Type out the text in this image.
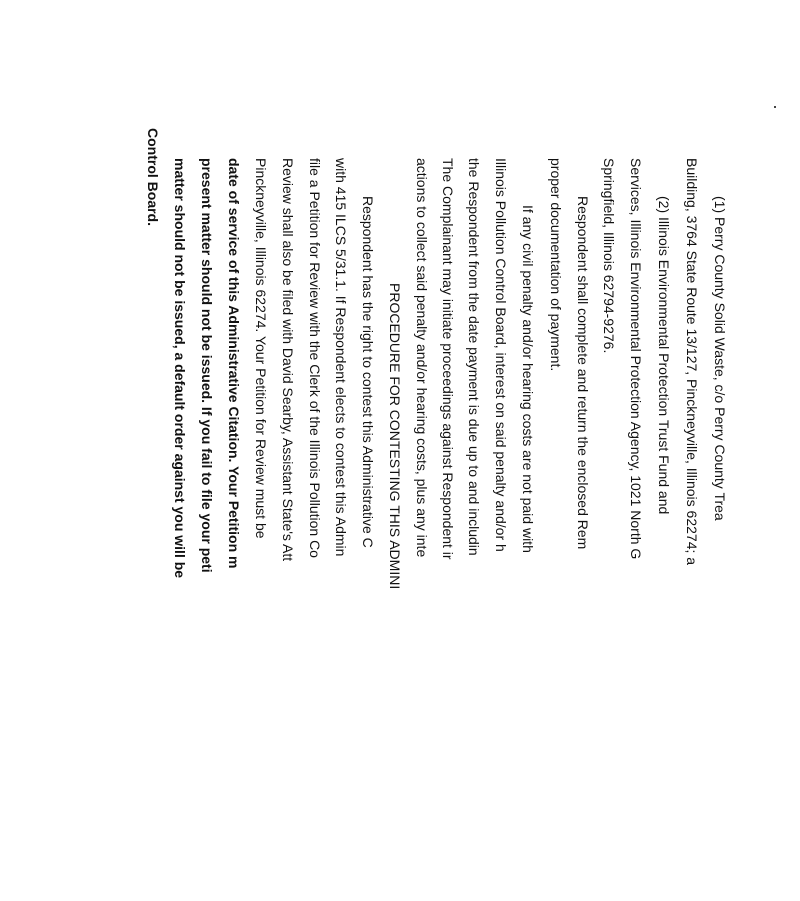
(1) Perry County Solid Waste, c/o Perry County Trea
Building, 3764 State Route 13/127, Pinckneyville, Illinois 62274; a
(2) Illinois Environmental Protection Trust Fund and
Services, Illinois Environmental Protection Agency, 1021 North G
Springfield, Illinois 62794-9276.
Respondent shall complete and return the enclosed Rem
proper documentation of payment.
If any civil penalty and/or hearing costs are not paid with
Illinois Pollution Control Board, interest on said penalty and/or h
the Respondent from the date payment is due up to and includin
The Complainant may initiate proceedings against Respondent ir
actions to collect said penalty and/or hearing costs, plus any inte
PROCEDURE FOR CONTESTING THIS ADMINI
Respondent has the right to contest this Administrative C
with 415 ILCS 5/31.1. If Respondent elects to contest this Admin
file a Petition for Review with the Clerk of the Illinois Pollution Co
Review shall also be filed with David Searby, Assistant State's Att
Pinckneyville, Illinois 62274. Your Petition for Review must be
date of service of this Administrative Citation. Your Petition m
present matter should not be issued. If you fail to file your peti
matter should not be issued, a default order against you will be
Control Board.
